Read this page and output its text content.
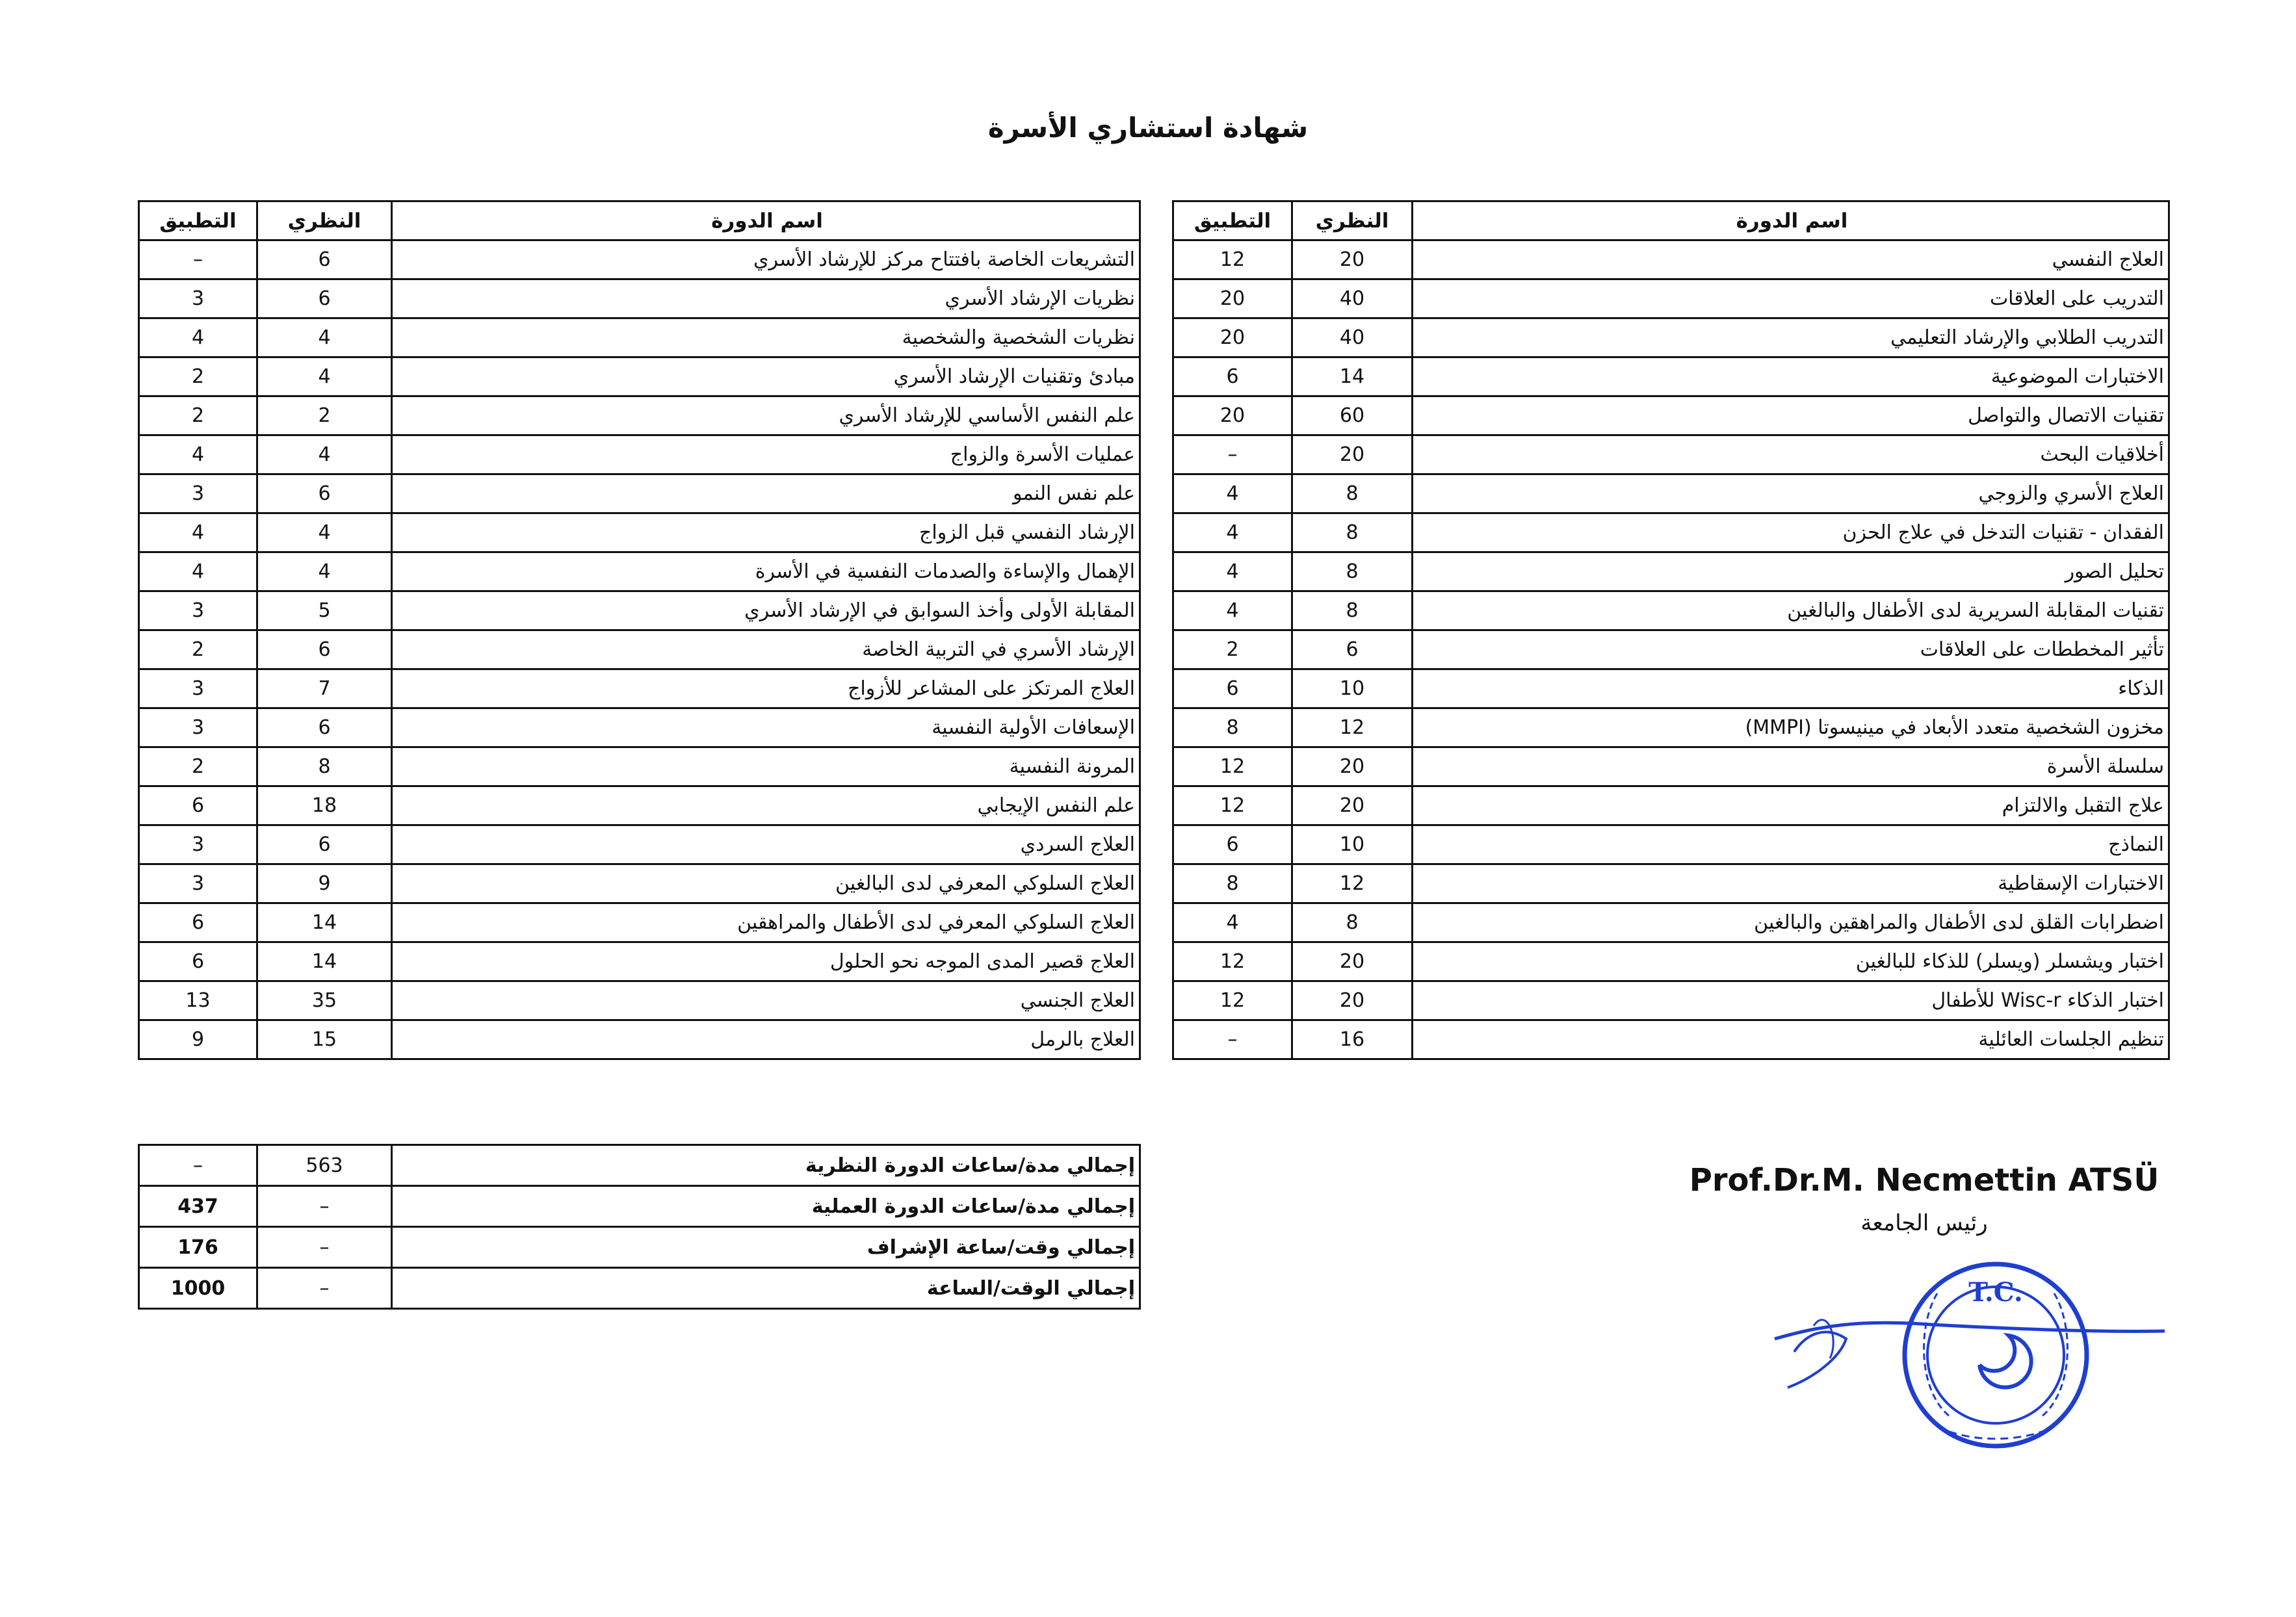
شهادة استشاري الأسرة
التطبيق	النظري	اسم الدورة
–	6	التشريعات الخاصة بافتتاح مركز للإرشاد الأسري
3	6	نظريات الإرشاد الأسري
4	4	نظريات الشخصية والشخصية
2	4	مبادئ وتقنيات الإرشاد الأسري
2	2	علم النفس الأساسي للإرشاد الأسري
4	4	عمليات الأسرة والزواج
3	6	علم نفس النمو
4	4	الإرشاد النفسي قبل الزواج
4	4	الإهمال والإساءة والصدمات النفسية في الأسرة
3	5	المقابلة الأولى وأخذ السوابق في الإرشاد الأسري
2	6	الإرشاد الأسري في التربية الخاصة
3	7	العلاج المرتكز على المشاعر للأزواج
3	6	الإسعافات الأولية النفسية
2	8	المرونة النفسية
6	18	علم النفس الإيجابي
3	6	العلاج السردي
3	9	العلاج السلوكي المعرفي لدى البالغين
6	14	العلاج السلوكي المعرفي لدى الأطفال والمراهقين
6	14	العلاج قصير المدى الموجه نحو الحلول
13	35	العلاج الجنسي
9	15	العلاج بالرمل
التطبيق	النظري	اسم الدورة
12	20	العلاج النفسي
20	40	التدريب على العلاقات
20	40	التدريب الطلابي والإرشاد التعليمي
6	14	الاختبارات الموضوعية
20	60	تقنيات الاتصال والتواصل
–	20	أخلاقيات البحث
4	8	العلاج الأسري والزوجي
4	8	الفقدان - تقنيات التدخل في علاج الحزن
4	8	تحليل الصور
4	8	تقنيات المقابلة السريرية لدى الأطفال والبالغين
2	6	تأثير المخططات على العلاقات
6	10	الذكاء
8	12	مخزون الشخصية متعدد الأبعاد في مينيسوتا (MMPI)
12	20	سلسلة الأسرة
12	20	علاج التقبل والالتزام
6	10	النماذج
8	12	الاختبارات الإسقاطية
4	8	اضطرابات القلق لدى الأطفال والمراهقين والبالغين
12	20	اختبار ويشسلر (ويسلر) للذكاء للبالغين
12	20	اختبار الذكاء Wisc-r للأطفال
–	16	تنظيم الجلسات العائلية
–	563	إجمالي مدة/ساعات الدورة النظرية
437	–	إجمالي مدة/ساعات الدورة العملية
176	–	إجمالي وقت/ساعة الإشراف
1000	–	إجمالي الوقت/الساعة
Prof.Dr.M. Necmettin ATSÜ
رئيس الجامعة
T.C.
